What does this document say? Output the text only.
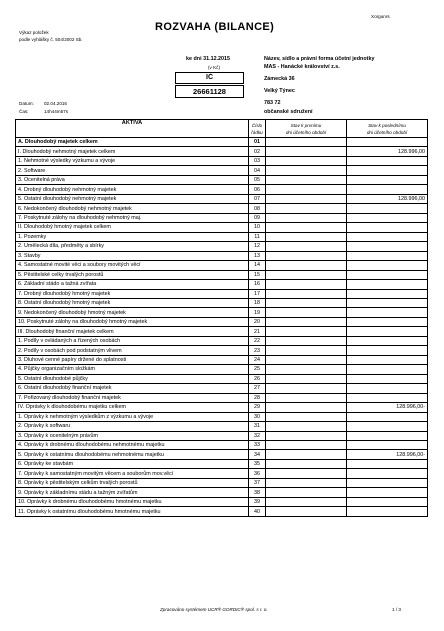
Xorgunrs
ROZVAHA (BILANCE)
Výkaz položek
podle vyhlášky č. 504/2002 Sb.
ke dni 31.12.2015
(v Kč)
IČ
26661128
Název, sídlo a právní forma účetní jednotky
MAS - Hanácké království z.s.
Zámecká 36
Velký Týnec
783 72
občanské sdružení
Datum: 02.04.2016
Čas:	14h44m57s
AKTIVA	Číslo
řádku	Stav k prvnímu
dni účetního období	Stav k poslednímu
dni účetního období
A. Dlouhodobý majetek celkem	01		
I. Dlouhodobý nehmotný majetek celkem	02		128.996,00
1. Nehmotné výsledky výzkumu a vývoje	03		
2. Software	04		
3. Ocenitelná práva	05		
4. Drobný dlouhodobý nehmotný majetek	06		
5. Ostatní dlouhodobý nehmotný majetek	07		128.996,00
6. Nedokončený dlouhodobý nehmotný majetek	08		
7. Poskytnuté zálohy na dlouhodobý nehmotný maj.	09		
II. Dlouhodobý hmotný majetek celkem	10		
1. Pozemky	11		
2. Umělecká díla, předměty a sbírky	12		
3. Stavby	13		
4. Samostatné movité věci a soubory movitých věcí	14		
5. Pěstitelské celky trvalých porostů	15		
6. Základní stádo a tažná zvířata	16		
7. Drobný dlouhodobý hmotný majetek	17		
8. Ostatní dlouhodobý hmotný majetek	18		
9. Nedokončený dlouhodobý hmotný majetek	19		
10. Poskytnuté zálohy na dlouhodobý hmotný majetek	20		
III. Dlouhodobý finanční majetek celkem	21		
1. Podíly v ovládaných a řízených osobách	22		
2. Podíly v osobách pod podstatným vlivem	23		
3. Dluhové cenné papíry držené do splatnosti	24		
4. Půjčky organizačním složkám	25		
5. Ostatní dlouhodobé půjčky	26		
6. Ostatní dlouhodobý finanční majetek	27		
7. Pořizovaný dlouhodobý finanční majetek	28		
IV. Oprávky k dlouhodobému majetku celkem	29		128.996,00-
1. Oprávky k nehmotným výsledkům z výzkumu a vývoje	30		
2. Oprávky k softwaru	31		
3. Oprávky k ocenitelným právům	32		
4. Oprávky k drobnému dlouhodobému nehmotnému majetku	33		
5. Oprávky k ostatnímu dlouhodobému nehmotnému majetku	34		128.996,00-
6. Oprávky ke stavbám	35		
7. Oprávky k samostatným movitým věcem a souborům mov.věcí	36		
8. Oprávky k pěstitelským celkům trvalých porostů	37		
9. Oprávky k základnímu stádu a tažným zvířatům	38		
10. Oprávky k drobnému dlouhodobému hmotnému majetku	39		
11. Oprávky k ostatnímu dlouhodobému hmotnému majetku	40		
Zpracováno systémem UCR® GORDIC® spol. s r. o.	1 / 3
